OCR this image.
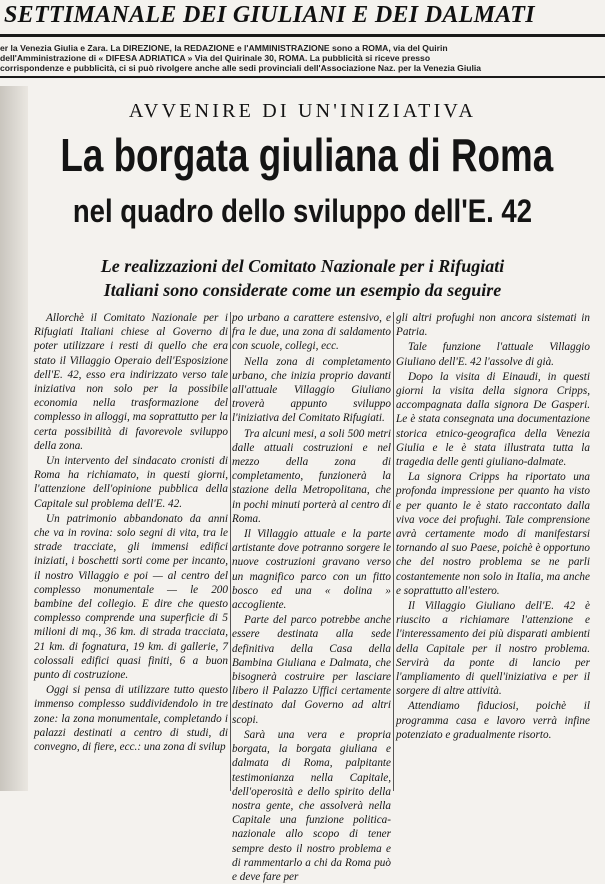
SETTIMANALE DEI GIULIANI E DEI DALMATI
er la Venezia Giulia e Zara. La DIREZIONE, la REDAZIONE e l'AMMINISTRAZIONE sono a ROMA, via del Quirin
dell'Amministrazione di « DIFESA ADRIATICA » Via del Quirinale 30, ROMA. La pubblicità si riceve presso
corrispondenze e pubblicità, ci si può rivolgere anche alle sedi provinciali dell'Associazione Naz. per la Venezia Giulia
AVVENIRE DI UN'INIZIATIVA
La borgata giuliana di Roma
nel quadro dello sviluppo dell'E. 42
Le realizzazioni del Comitato Nazionale per i Rifugiati
Italiani sono considerate come un esempio da seguire

Allorchè il Comitato Nazionale per i Rifugiati Italiani chiese al Governo di poter utilizzare i resti di quello che era stato il Villaggio Operaio dell'Esposizione dell'E. 42, esso era indirizzato verso tale iniziativa non solo per la possibile economia nella trasformazione del complesso in alloggi, ma soprattutto per la certa possibilità di favorevole sviluppo della zona.

Un intervento del sindacato cronisti di Roma ha richiamato, in questi giorni, l'attenzione dell'opinione pubblica della Capitale sul problema dell'E. 42.

Un patrimonio abbandonato da anni che va in rovina: solo segni di vita, tra le strade tracciate, gli immensi edifici iniziati, i boschetti sorti come per incanto, il nostro Villaggio e poi — al centro del complesso monumentale — le 200 bambine del collegio. E dire che questo complesso comprende una superficie di 5 milioni di mq., 36 km. di strada tracciata, 21 km. di fognatura, 19 km. di gallerie, 7 colossali edifici quasi finiti, 6 a buon punto di costruzione.

Oggi si pensa di utilizzare tutto questo immenso complesso suddividendolo in tre zone: la zona monumentale, completando i palazzi destinati a centro di studi, di convegno, di fiere, ecc.: una zona di svilup

po urbano a carattere estensivo, e fra le due, una zona di saldamento con scuole, collegi, ecc.

Nella zona di completamento urbano, che inizia proprio davanti all'attuale Villaggio Giuliano troverà appunto sviluppo l'iniziativa del Comitato Rifugiati.

Tra alcuni mesi, a soli 500 metri dalle attuali costruzioni e nel mezzo della zona di completamento, funzionerà la stazione della Metropolitana, che in pochi minuti porterà al centro di Roma.

Il Villaggio attuale e la parte artistante dove potranno sorgere le nuove costruzioni gravano verso un magnifico parco con un fitto bosco ed una « dolina » accogliente.

Parte del parco potrebbe anche essere destinata alla sede definitiva della Casa della Bambina Giuliana e Dalmata, che bisognerà costruire per lasciare libero il Palazzo Uffici certamente destinato dal Governo ad altri scopi.

Sarà una vera e propria borgata, la borgata giuliana e dalmata di Roma, palpitante testimonianza nella Capitale, dell'operosità e dello spirito della nostra gente, che assolverà nella Capitale una funzione politica-nazionale allo scopo di tener sempre desto il nostro problema e di rammentarlo a chi da Roma può e deve fare per

gli altri profughi non ancora sistemati in Patria.

Tale funzione l'attuale Villaggio Giuliano dell'E. 42 l'assolve di già.

Dopo la visita di Einaudi, in questi giorni la visita della signora Cripps, accompagnata dalla signora De Gasperi. Le è stata consegnata una documentazione storica etnico-geografica della Venezia Giulia e le è stata illustrata tutta la tragedia delle genti giuliano-dalmate.

La signora Cripps ha riportato una profonda impressione per quanto ha visto e per quanto le è stato raccontato dalla viva voce dei profughi. Tale comprensione avrà certamente modo di manifestarsi tornando al suo Paese, poichè è opportuno che del nostro problema se ne parli costantemente non solo in Italia, ma anche e soprattutto all'estero.

Il Villaggio Giuliano dell'E. 42 è riuscito a richiamare l'attenzione e l'interessamento dei più disparati ambienti della Capitale per il nostro problema. Servirà da ponte di lancio per l'ampliamento di quell'iniziativa e per il sorgere di altre attività.

Attendiamo fiduciosi, poichè il programma casa e lavoro verrà infine potenziato e gradualmente risorto.
